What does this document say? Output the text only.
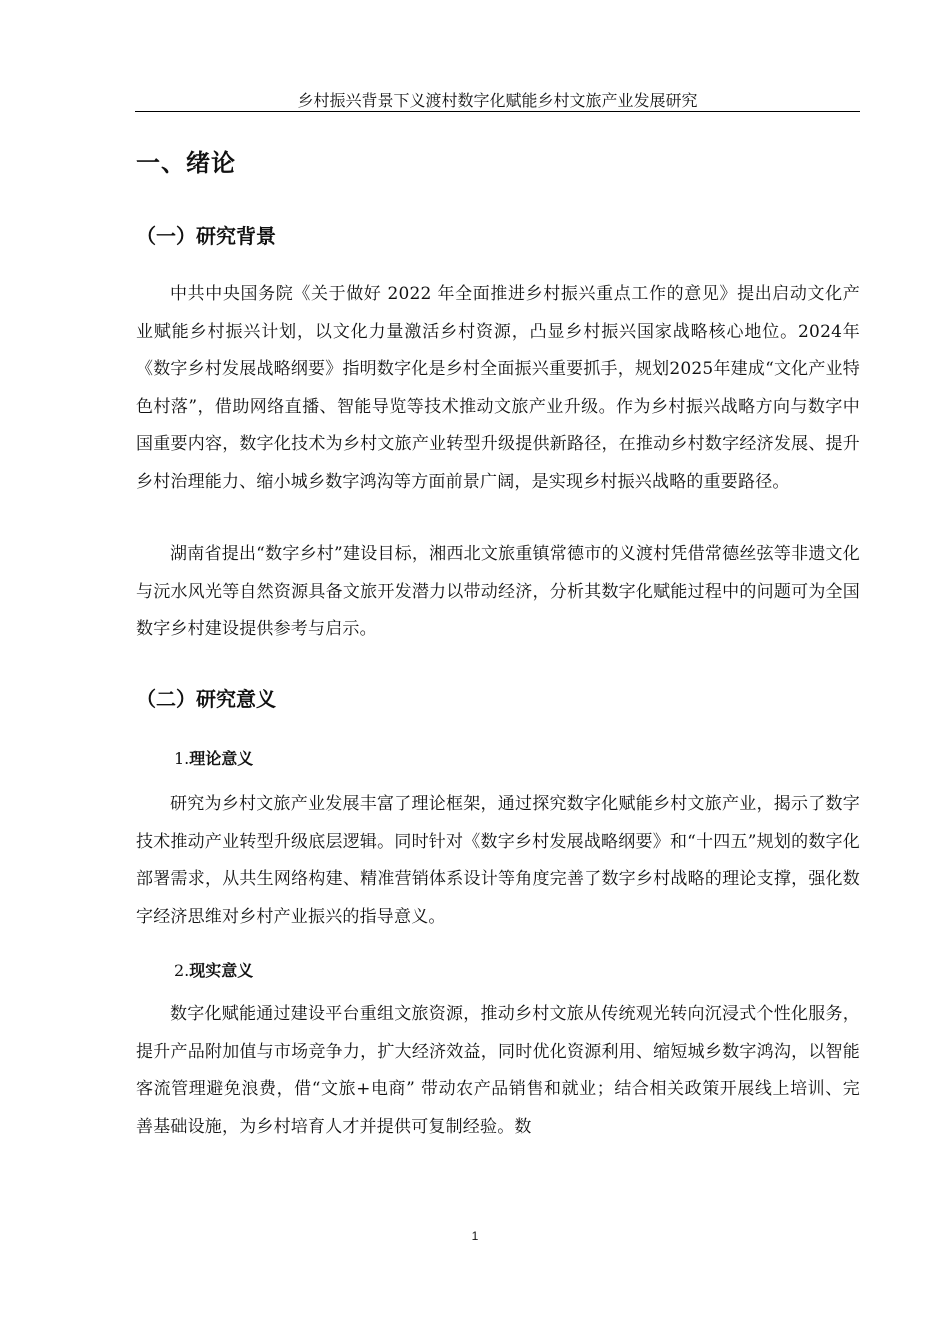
乡村振兴背景下义渡村数字化赋能乡村文旅产业发展研究
一、绪论
（一）研究背景

中共中央国务院《关于做好 2022 年全面推进乡村振兴重点工作的意见》提出启动文化产业赋能乡村振兴计划，以文化力量激活乡村资源，凸显乡村振兴国家战略核心地位。2024年《数字乡村发展战略纲要》指明数字化是乡村全面振兴重要抓手，规划2025年建成“文化产业特色村落”，借助网络直播、智能导览等技术推动文旅产业升级。作为乡村振兴战略方向与数字中国重要内容，数字化技术为乡村文旅产业转型升级提供新路径，在推动乡村数字经济发展、提升乡村治理能力、缩小城乡数字鸿沟等方面前景广阔，是实现乡村振兴战略的重要路径。

湖南省提出“数字乡村”建设目标，湘西北文旅重镇常德市的义渡村凭借常德丝弦等非遗文化与沅水风光等自然资源具备文旅开发潜力以带动经济，分析其数字化赋能过程中的问题可为全国数字乡村建设提供参考与启示。

（二）研究意义
1.理论意义

研究为乡村文旅产业发展丰富了理论框架，通过探究数字化赋能乡村文旅产业，揭示了数字技术推动产业转型升级底层逻辑。同时针对《数字乡村发展战略纲要》和“十四五”规划的数字化部署需求，从共生网络构建、精准营销体系设计等角度完善了数字乡村战略的理论支撑，强化数字经济思维对乡村产业振兴的指导意义。

2.现实意义

数字化赋能通过建设平台重组文旅资源，推动乡村文旅从传统观光转向沉浸式个性化服务，提升产品附加值与市场竞争力，扩大经济效益，同时优化资源利用、缩短城乡数字鸿沟，以智能客流管理避免浪费，借“文旅+电商” 带动农产品销售和就业；结合相关政策开展线上培训、完善基础设施，为乡村培育人才并提供可复制经验。数

1
